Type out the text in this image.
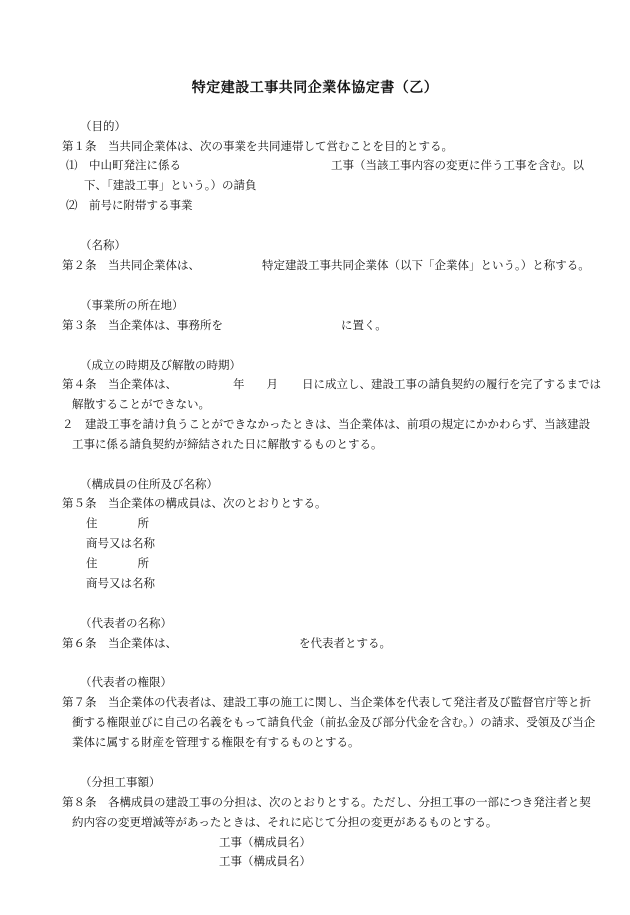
特定建設工事共同企業体協定書（乙）
（目的）
第１条　当共同企業体は、次の事業を共同連帯して営むことを目的とする。
⑴　中山町発注に係る	工事（当該工事内容の変更に伴う工事を含む。以
下、「建設工事」という。）の請負
⑵　前号に附帯する事業
（名称）
第２条　当共同企業体は、	特定建設工事共同企業体（以下「企業体」という。）と称する。
（事業所の所在地）
第３条　当企業体は、事務所を	に置く。
（成立の時期及び解散の時期）
第４条　当企業体は、	年 月 日に成立し、建設工事の請負契約の履行を完了するまでは
解散することができない。
２　建設工事を請け負うことができなかったときは、当企業体は、前項の規定にかかわらず、当該建設
工事に係る請負契約が締結された日に解散するものとする。
（構成員の住所及び名称）
第５条　当企業体の構成員は、次のとおりとする。
住	所
商号又は名称
住	所
商号又は名称
（代表者の名称）
第６条　当企業体は、	を代表者とする。
（代表者の権限）
第７条　当企業体の代表者は、建設工事の施工に関し、当企業体を代表して発注者及び監督官庁等と折
衝する権限並びに自己の名義をもって請負代金（前払金及び部分代金を含む。）の請求、受領及び当企
業体に属する財産を管理する権限を有するものとする。
（分担工事額）
第８条　各構成員の建設工事の分担は、次のとおりとする。ただし、分担工事の一部につき発注者と契
約内容の変更増減等があったときは、それに応じて分担の変更があるものとする。
工事（構成員名）
工事（構成員名）
